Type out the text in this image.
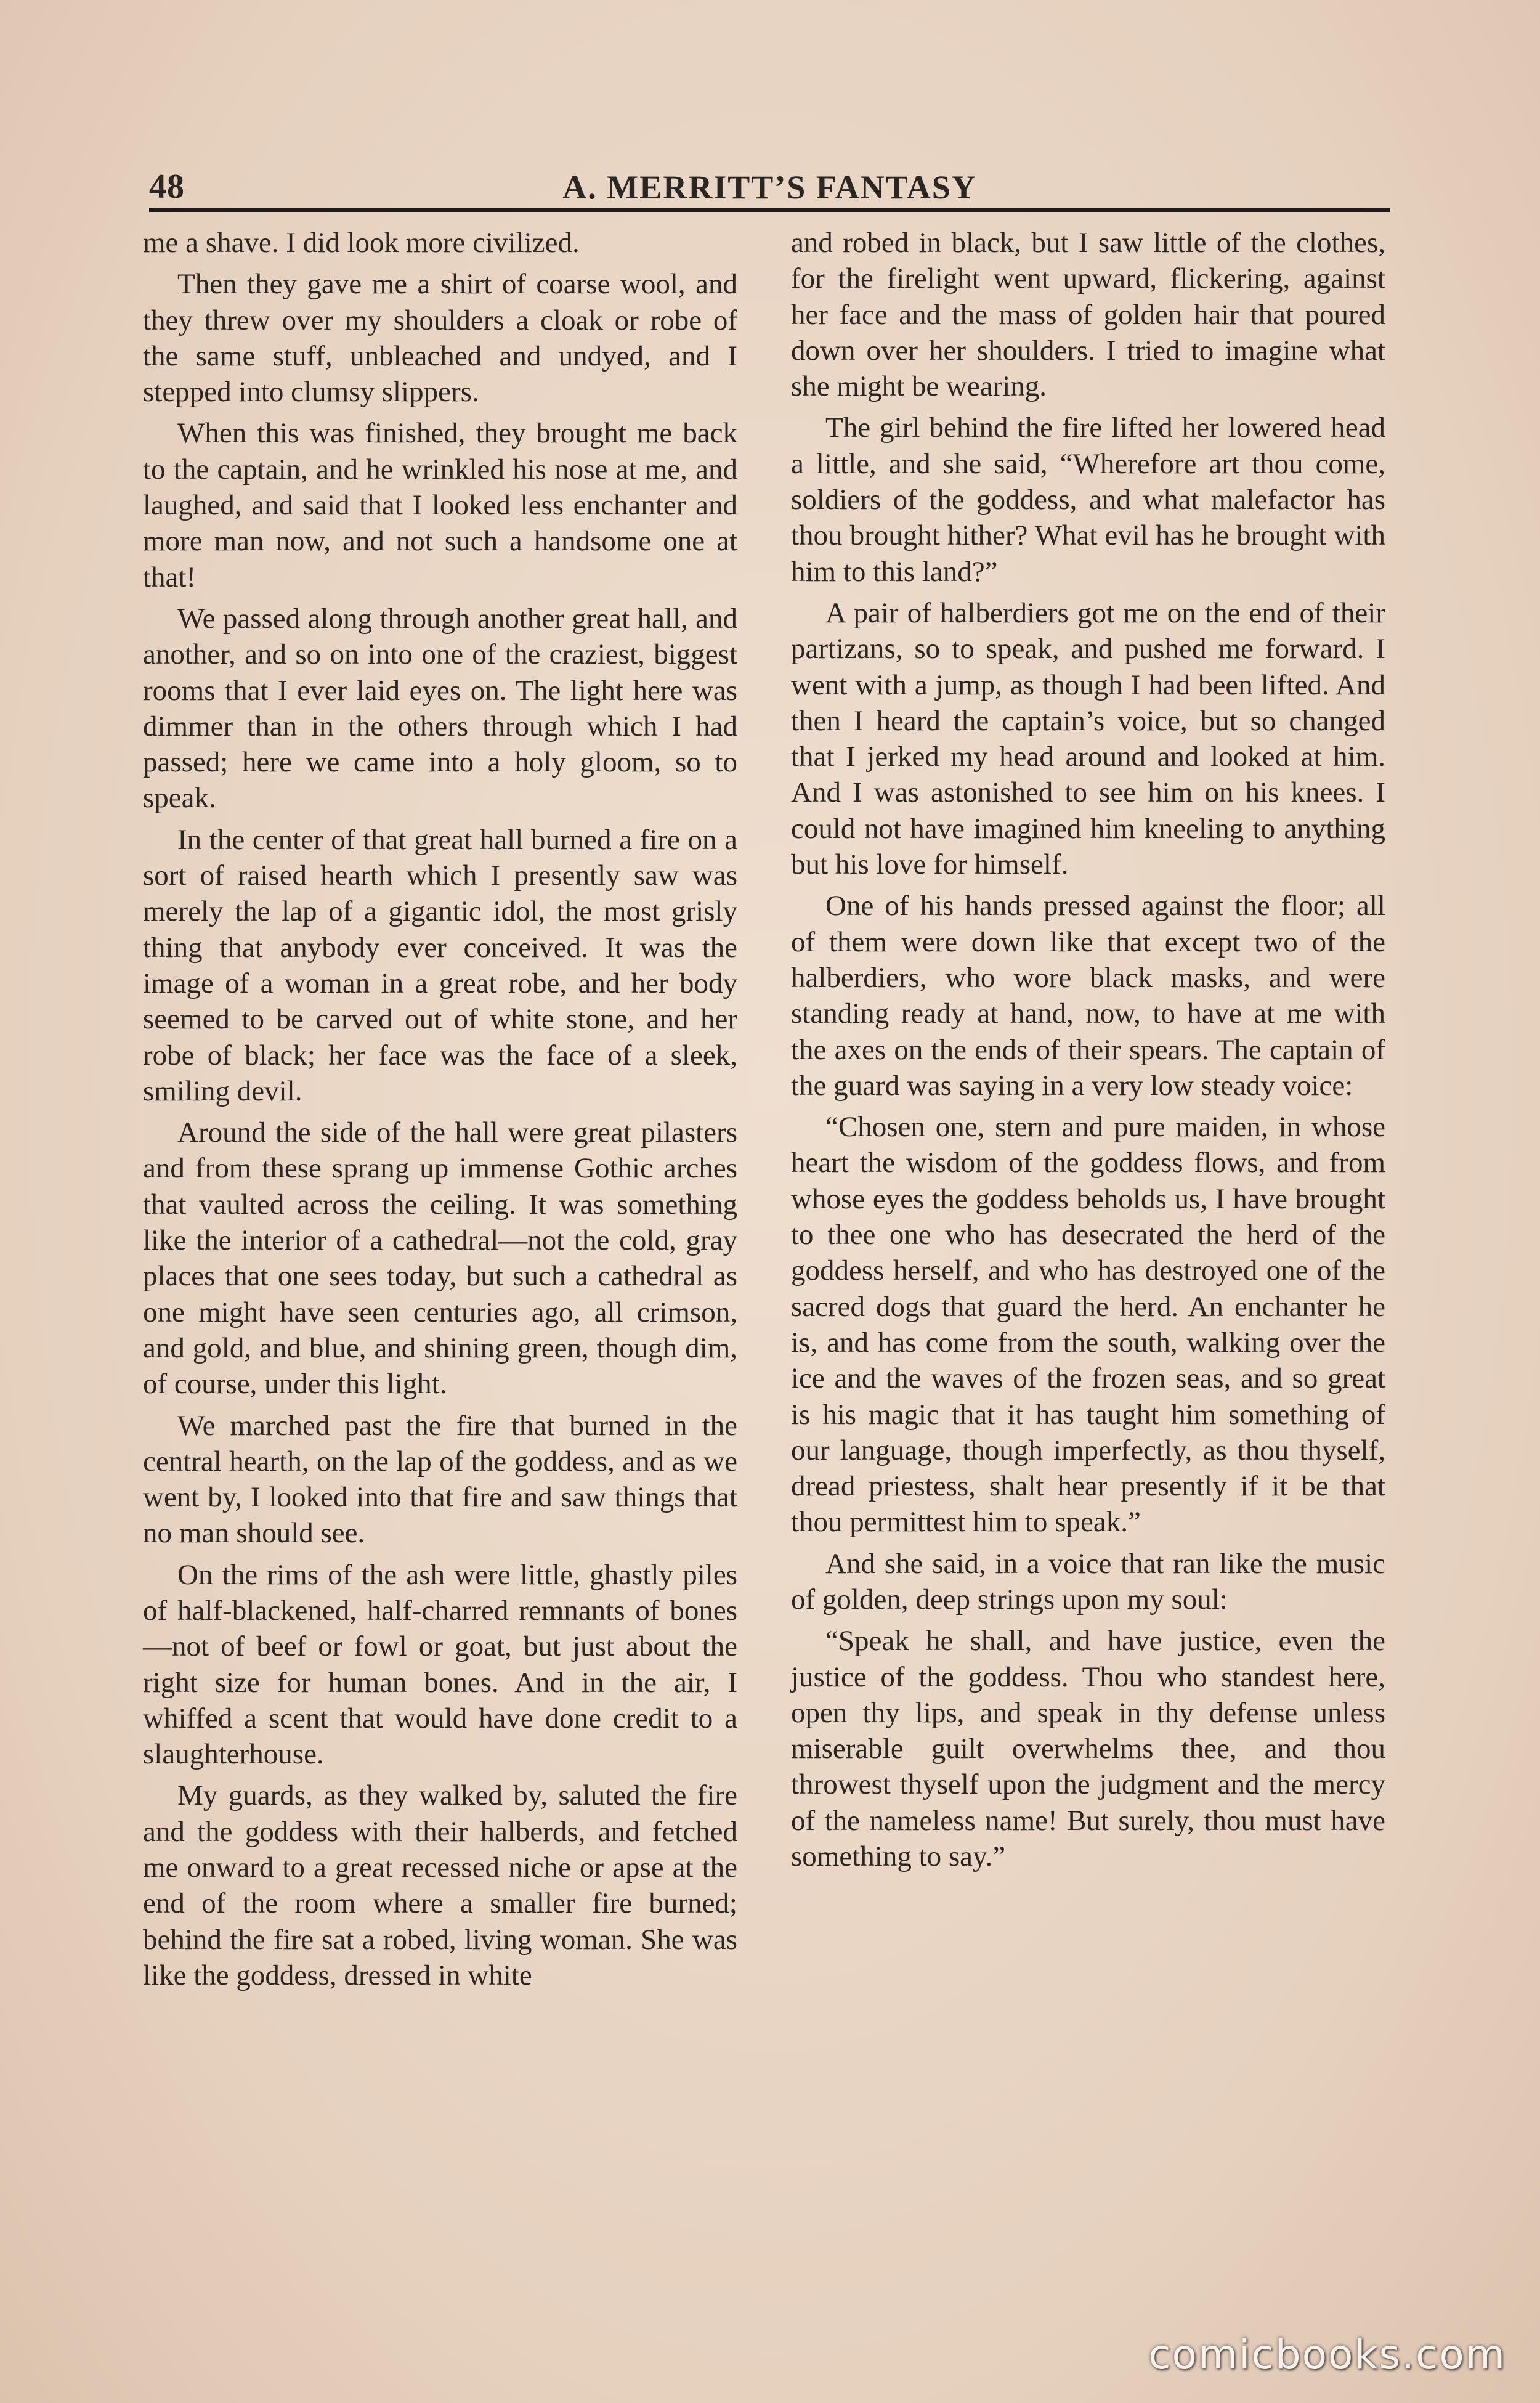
48	A. MERRITT’S FANTASY

me a shave. I did look more civilized.

Then they gave me a shirt of coarse wool, and they threw over my shoulders a cloak or robe of the same stuff, unbleached and undyed, and I stepped into clumsy slippers.

When this was finished, they brought me back to the captain, and he wrinkled his nose at me, and laughed, and said that I looked less enchanter and more man now, and not such a handsome one at that!

We passed along through another great hall, and another, and so on into one of the craziest, biggest rooms that I ever laid eyes on. The light here was dimmer than in the others through which I had passed; here we came into a holy gloom, so to speak.

In the center of that great hall burned a fire on a sort of raised hearth which I presently saw was merely the lap of a gigantic idol, the most grisly thing that anybody ever conceived. It was the image of a woman in a great robe, and her body seemed to be carved out of white stone, and her robe of black; her face was the face of a sleek, smiling devil.

Around the side of the hall were great pilasters and from these sprang up immense Gothic arches that vaulted across the ceiling. It was something like the interior of a cathedral—not the cold, gray places that one sees today, but such a cathedral as one might have seen centuries ago, all crimson, and gold, and blue, and shining green, though dim, of course, under this light.

We marched past the fire that burned in the central hearth, on the lap of the goddess, and as we went by, I looked into that fire and saw things that no man should see.

On the rims of the ash were little, ghastly piles of half-blackened, half-charred remnants of bones—not of beef or fowl or goat, but just about the right size for human bones. And in the air, I whiffed a scent that would have done credit to a slaughterhouse.

My guards, as they walked by, saluted the fire and the goddess with their halberds, and fetched me onward to a great recessed niche or apse at the end of the room where a smaller fire burned; behind the fire sat a robed, living woman. She was like the goddess, dressed in white

and robed in black, but I saw little of the clothes, for the firelight went upward, flickering, against her face and the mass of golden hair that poured down over her shoulders. I tried to imagine what she might be wearing.

The girl behind the fire lifted her lowered head a little, and she said, “Wherefore art thou come, soldiers of the goddess, and what malefactor has thou brought hither? What evil has he brought with him to this land?”

A pair of halberdiers got me on the end of their partizans, so to speak, and pushed me forward. I went with a jump, as though I had been lifted. And then I heard the captain’s voice, but so changed that I jerked my head around and looked at him. And I was astonished to see him on his knees. I could not have imagined him kneeling to anything but his love for himself.

One of his hands pressed against the floor; all of them were down like that except two of the halberdiers, who wore black masks, and were standing ready at hand, now, to have at me with the axes on the ends of their spears. The captain of the guard was saying in a very low steady voice:

“Chosen one, stern and pure maiden, in whose heart the wisdom of the goddess flows, and from whose eyes the goddess beholds us, I have brought to thee one who has desecrated the herd of the goddess herself, and who has destroyed one of the sacred dogs that guard the herd. An enchanter he is, and has come from the south, walking over the ice and the waves of the frozen seas, and so great is his magic that it has taught him something of our language, though imperfectly, as thou thyself, dread priestess, shalt hear presently if it be that thou permittest him to speak.”

And she said, in a voice that ran like the music of golden, deep strings upon my soul:

“Speak he shall, and have justice, even the justice of the goddess. Thou who standest here, open thy lips, and speak in thy defense unless miserable guilt overwhelms thee, and thou throwest thyself upon the judgment and the mercy of the nameless name! But surely, thou must have something to say.”

comicbooks.com
